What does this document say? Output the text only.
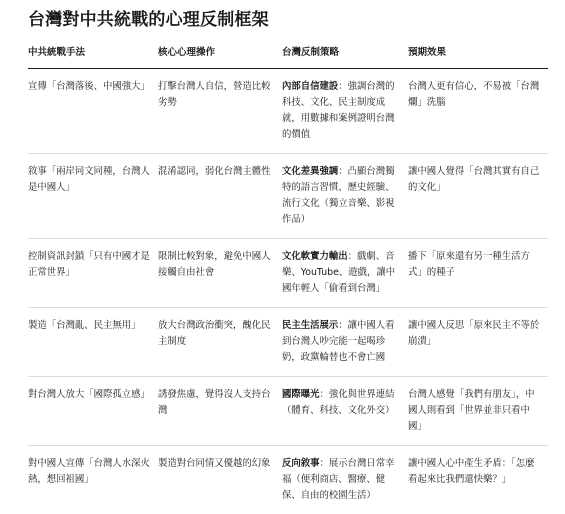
台灣對中共統戰的心理反制框架
中共統戰手法	核心心理操作	台灣反制策略	預期效果
宣傳「台灣落後、中國強大」	打擊台灣人自信，營造比較劣勢	內部自信建設：強調台灣的科技、文化、民主制度成就，用數據和案例證明台灣的價值	台灣人更有信心，不易被「台灣爛」洗腦
敘事「兩岸同文同種，台灣人是中國人」	混淆認同，弱化台灣主體性	文化差異強調：凸顯台灣獨特的語言習慣、歷史經驗、流行文化（獨立音樂、影視作品）	讓中國人覺得「台灣其實有自己的文化」
控制資訊封鎖「只有中國才是正常世界」	限制比較對象，避免中國人接觸自由社會	文化軟實力輸出：戲劇、音樂、YouTube、遊戲，讓中國年輕人「偷看到台灣」	播下「原來還有另一種生活方式」的種子
製造「台灣亂、民主無用」	放大台灣政治衝突，醜化民主制度	民主生活展示：讓中國人看到台灣人吵完能一起喝珍奶，政黨輪替也不會亡國	讓中國人反思「原來民主不等於崩潰」
對台灣人放大「國際孤立感」	誘發焦慮，覺得沒人支持台灣	國際曝光：強化與世界連結（體育、科技、文化外交）	台灣人感覺「我們有朋友」，中國人則看到「世界並非只看中國」
對中國人宣傳「台灣人水深火熱，想回祖國」	製造對台同情又優越的幻象	反向敘事：展示台灣日常幸福（便利商店、醫療、健保、自由的校園生活）	讓中國人心中產生矛盾：「怎麼看起來比我們還快樂？」
